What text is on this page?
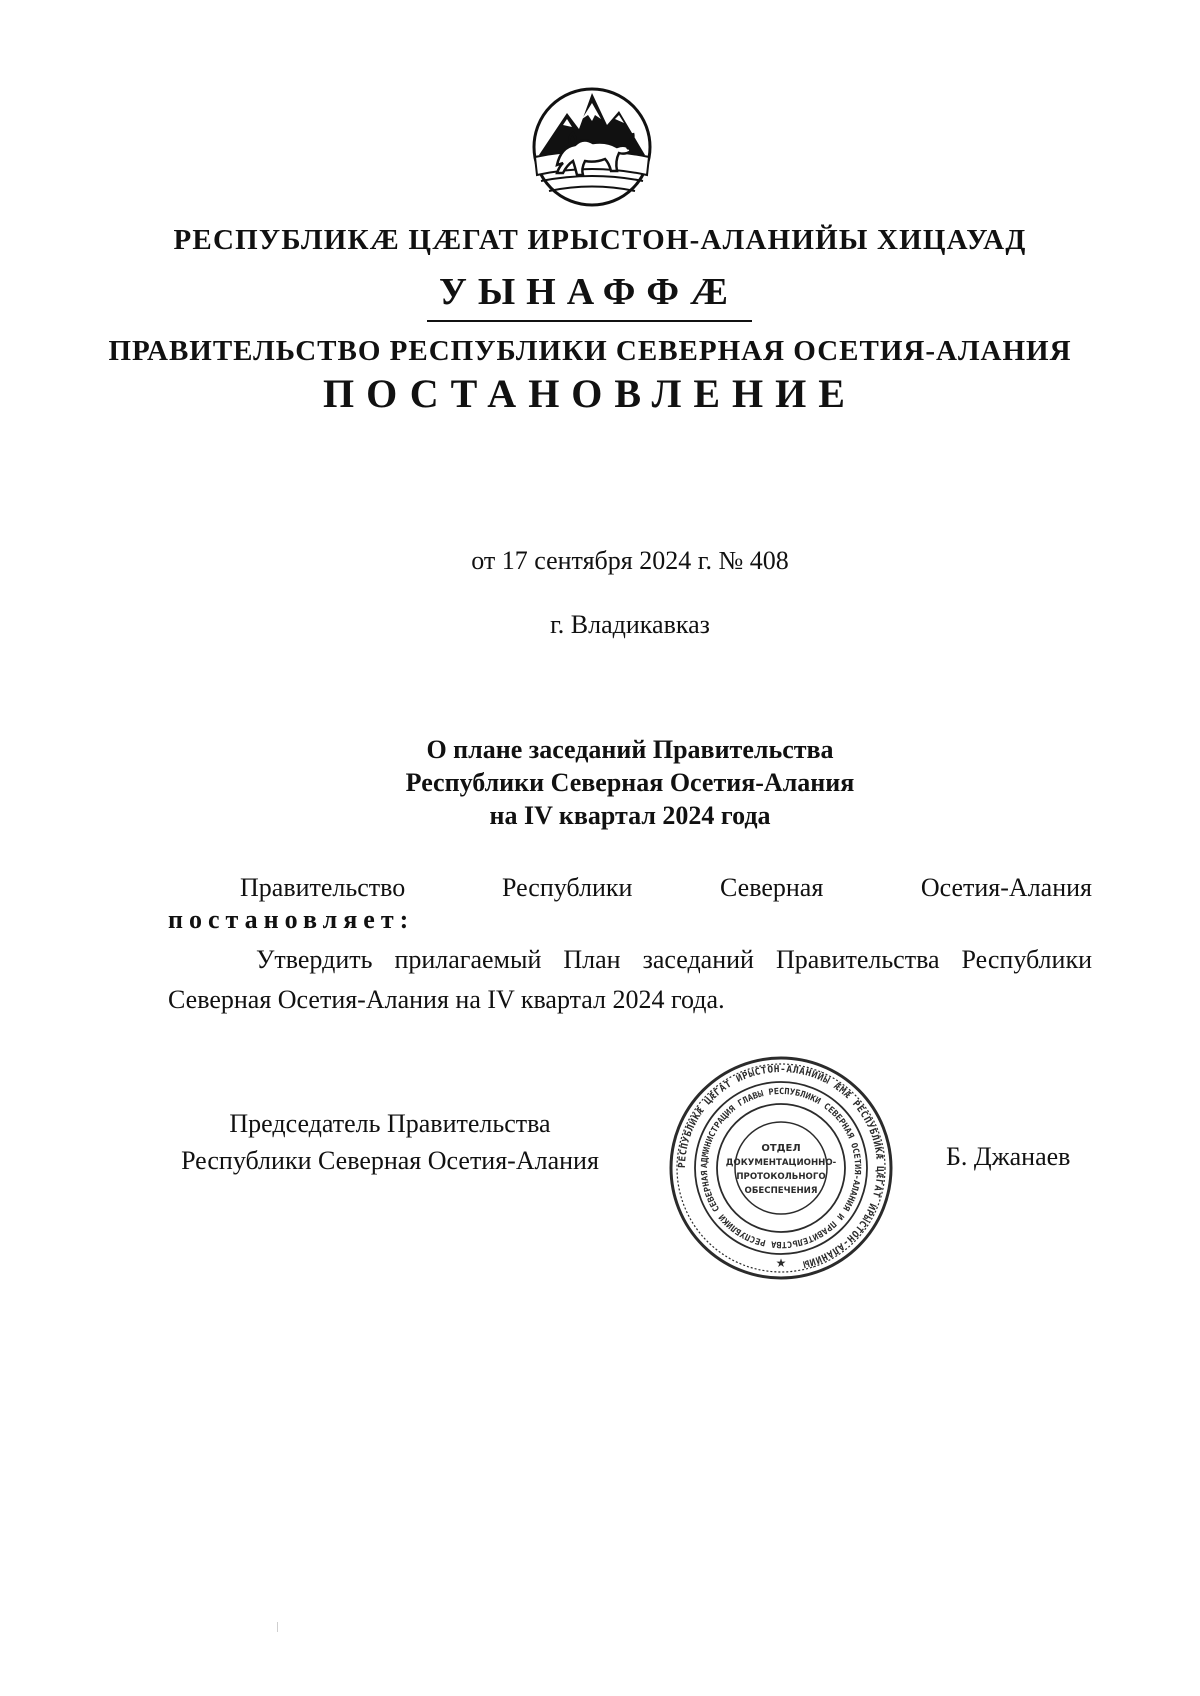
РЕСПУБЛИКӔ ЦӔГАТ ИРЫСТОН-АЛАНИЙЫ ХИЦАУАД
УЫНАФФӔ
ПРАВИТЕЛЬСТВО РЕСПУБЛИКИ СЕВЕРНАЯ ОСЕТИЯ-АЛАНИЯ
ПОСТАНОВЛЕНИЕ
от 17 сентября 2024 г. № 408
г. Владикавказ
О плане заседаний Правительства
Республики Северная Осетия-Алания
на IV квартал 2024 года
Правительство	Республики	Северная	Осетия-Алания
постановляет:
Утвердить прилагаемый План заседаний Правительства Республики Северная Осетия-Алания на IV квартал 2024 года.
Председатель Правительства
Республики Северная Осетия-Алания	Б. Джанаев
РЕСПУБЛИКӔ ЦӔГАТ ИРЫСТОН-АЛАНИЙЫ ӔМӔ РЕСПУБЛИКӔ ЦӔГАТ ИРЫСТОН-АЛАНИЙЫ
АДМИНИСТРАЦИЯ ГЛАВЫ РЕСПУБЛИКИ СЕВЕРНАЯ ОСЕТИЯ-АЛАНИЯ И ПРАВИТЕЛЬСТВА РЕСПУБЛИКИ СЕВЕРНАЯ
ОТДЕЛ
ДОКУМЕНТАЦИОННО-
ПРОТОКОЛЬНОГО
ОБЕСПЕЧЕНИЯ
★
